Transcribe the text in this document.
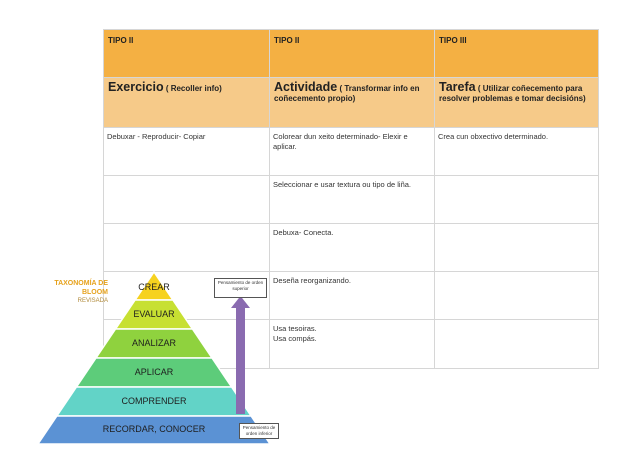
TIPO II	TIPO II	TIPO III

Exercicio ( Recoller info)	Actividade ( Transformar info en coñecemento propio)	Tarefa ( Utilizar coñecemento para resolver problemas e tomar decisións)

Debuxar - Reproducir- Copiar	Colorear dun xeito determinado- Elexir e aplicar.	Crea cun obxectivo determinado.

	Seleccionar e usar textura ou tipo de liña.	

	Debuxa- Conecta.	

	Deseña reorganizando.	

	Usa tesoiras.
Usa compás.	

TAXONOMÍA DE BLOOM
REVISADA
CREAR
EVALUAR
ANALIZAR
APLICAR
COMPRENDER
RECORDAR, CONOCER
Pensamiento de orden superior
Pensamiento de orden inferior
